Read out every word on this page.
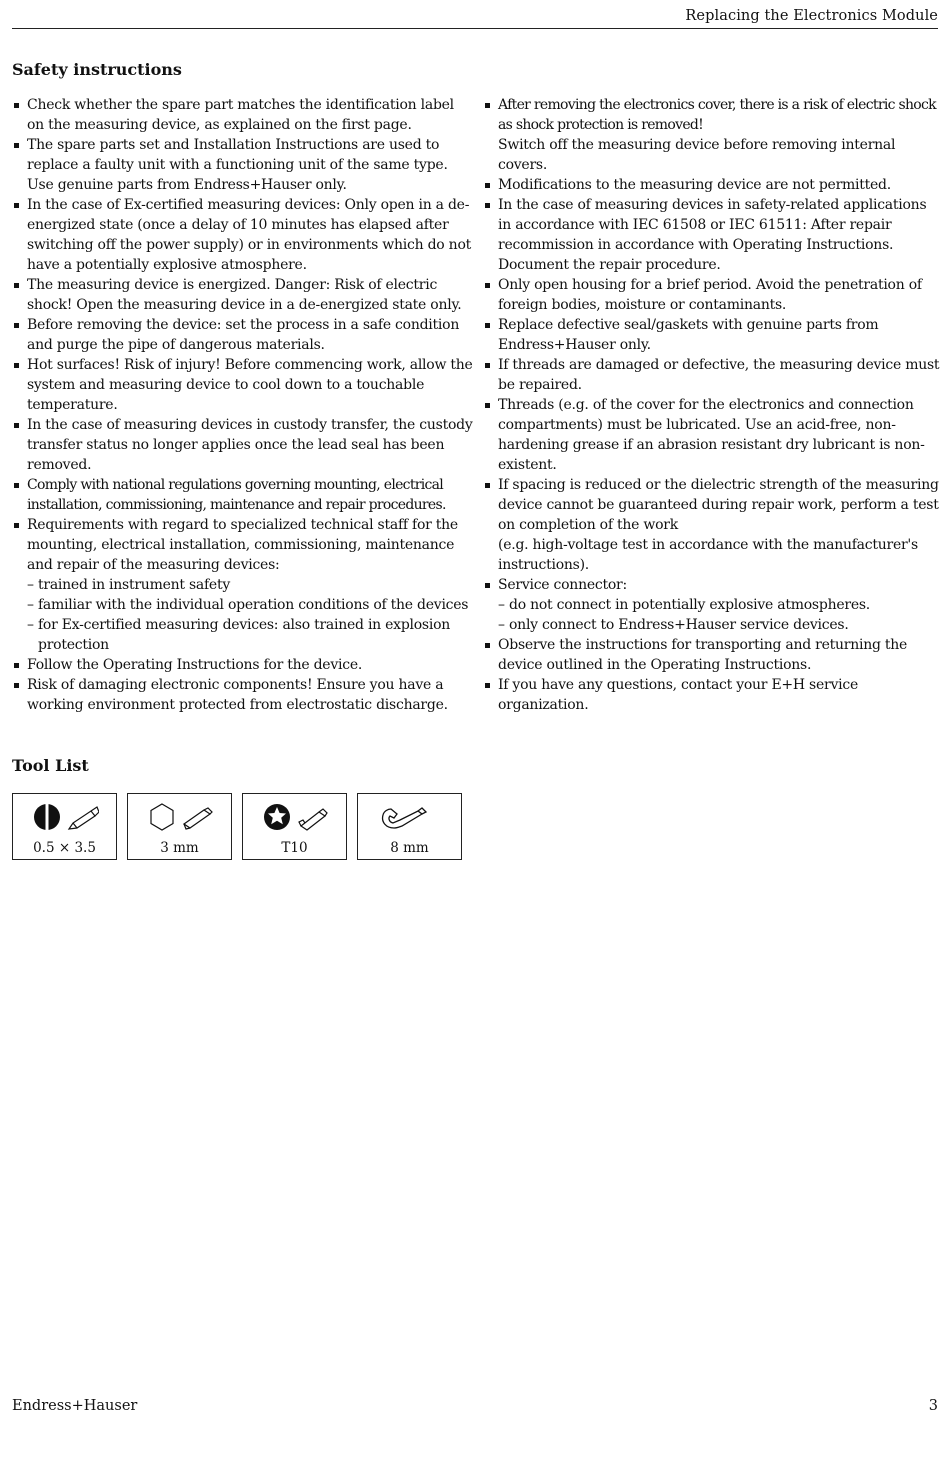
Replacing the Electronics Module
Safety instructions
Check whether the spare part matches the identification label on the measuring device, as explained on the first page.
The spare parts set and Installation Instructions are used to replace a faulty unit with a functioning unit of the same type. Use genuine parts from Endress+Hauser only.
In the case of Ex-certified measuring devices: Only open in a de-energized state (once a delay of 10 minutes has elapsed after switching off the power supply) or in environments which do not have a potentially explosive atmosphere.
The measuring device is energized. Danger: Risk of electric shock! Open the measuring device in a de-energized state only.
Before removing the device: set the process in a safe condition and purge the pipe of dangerous materials.
Hot surfaces! Risk of injury! Before commencing work, allow the system and measuring device to cool down to a touchable temperature.
In the case of measuring devices in custody transfer, the custody transfer status no longer applies once the lead seal has been removed.
Comply with national regulations governing mounting, electrical installation, commissioning, maintenance and repair procedures.
Requirements with regard to specialized technical staff for the mounting, electrical installation, commissioning, maintenance and repair of the measuring devices:
– trained in instrument safety
– familiar with the individual operation conditions of the devices
– for Ex-certified measuring devices: also trained in explosion protection
Follow the Operating Instructions for the device.
Risk of damaging electronic components! Ensure you have a working environment protected from electrostatic discharge.
After removing the electronics cover, there is a risk of electric shock as shock protection is removed!
Switch off the measuring device before removing internal covers.
Modifications to the measuring device are not permitted.
In the case of measuring devices in safety-related applications in accordance with IEC 61508 or IEC 61511: After repair recommission in accordance with Operating Instructions. Document the repair procedure.
Only open housing for a brief period. Avoid the penetration of foreign bodies, moisture or contaminants.
Replace defective seal/gaskets with genuine parts from Endress+Hauser only.
If threads are damaged or defective, the measuring device must be repaired.
Threads (e.g. of the cover for the electronics and connection compartments) must be lubricated. Use an acid-free, non-hardening grease if an abrasion resistant dry lubricant is non-existent.
If spacing is reduced or the dielectric strength of the measuring device cannot be guaranteed during repair work, perform a test on completion of the work
(e.g. high-voltage test in accordance with the manufacturer's instructions).
Service connector:
– do not connect in potentially explosive atmospheres.
– only connect to Endress+Hauser service devices.
Observe the instructions for transporting and returning the device outlined in the Operating Instructions.
If you have any questions, contact your E+H service organization.
Tool List
0.5 × 3.5	3 mm	T10	8 mm
Endress+Hauser	3
